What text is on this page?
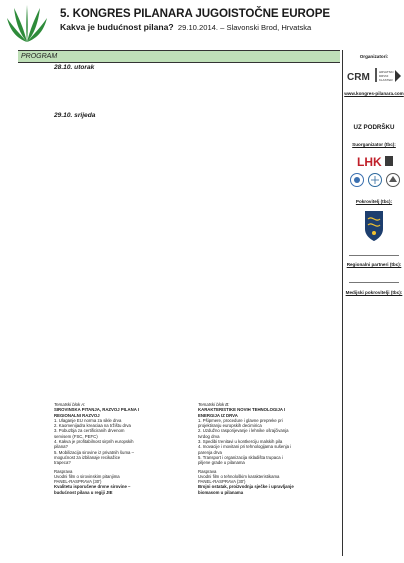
5. KONGRES PILANARA JUGOISTOČNE EUROPE
Kakva je budućnost pilana? 29.10.2014. – Slavonski Brod, Hrvatska
PROGRAM
28.10. utorak
29.10. srijeda
Tematski blok A:
SIROVINSKA PITANJA, RAZVOJ PILANA I
REGIONALNI RAZVOJ
1. Ulaganje EU norma za sikle drva
2. Kaomenijadra kreaciaa na tržištu drva
3. Pobuzbja za certificiranih drvenom
servisem (FSC, PEFC)
4. Kakva je profitabilnost sirprih europskih
pilana?
5. Mobilizacija sirovine iz privatnih šuma –
mogućnost za izbilanaje recikažice
trapeca?
Rasprava
Uvodni film o sirovinskim pitanjima
PANEL-RASPRAVA (30')
Kvalitetu isporučene drvne sirovine –
budućnost pilana u regiji JIE
Tematski blok B:
KARAKTERISTIKE NOVIH TEHNOLOGIJA I
ENERGIJA IZ DRVA
1. Pšipmere, procedure i glavne prepreke pri
projektiranju europskih decimirica
2. Uzdužno rasporijevanje i lehnike ošrajčivanja
tvrdog drva
3. Spedibi trenitavi u kontkerciju malskih pila
4. Inovacije i movitani pri tehnologijama sušenja i
parenja drva
5. Transport i organizacija skladišta trupaca i
piljene grade u pilanama
Rasprava
Uvodni film o tehnološkim karakteristikama
PANEL-RASPRAVA (30')
Brojni ostatak, proizvodnja sječke i upravljanje
biomasom u pilanama
Organizatori:
CRM	HRVATSKI
DRVNI
KLASTER
www.kongres-pilanara.com
UZ PODRŠKU
Suorganizator (tbc):
LHK
Pokrovitelj (tbc):
Regionalni partneri (tbc):
Medijski pokrovitelji (tbc):
